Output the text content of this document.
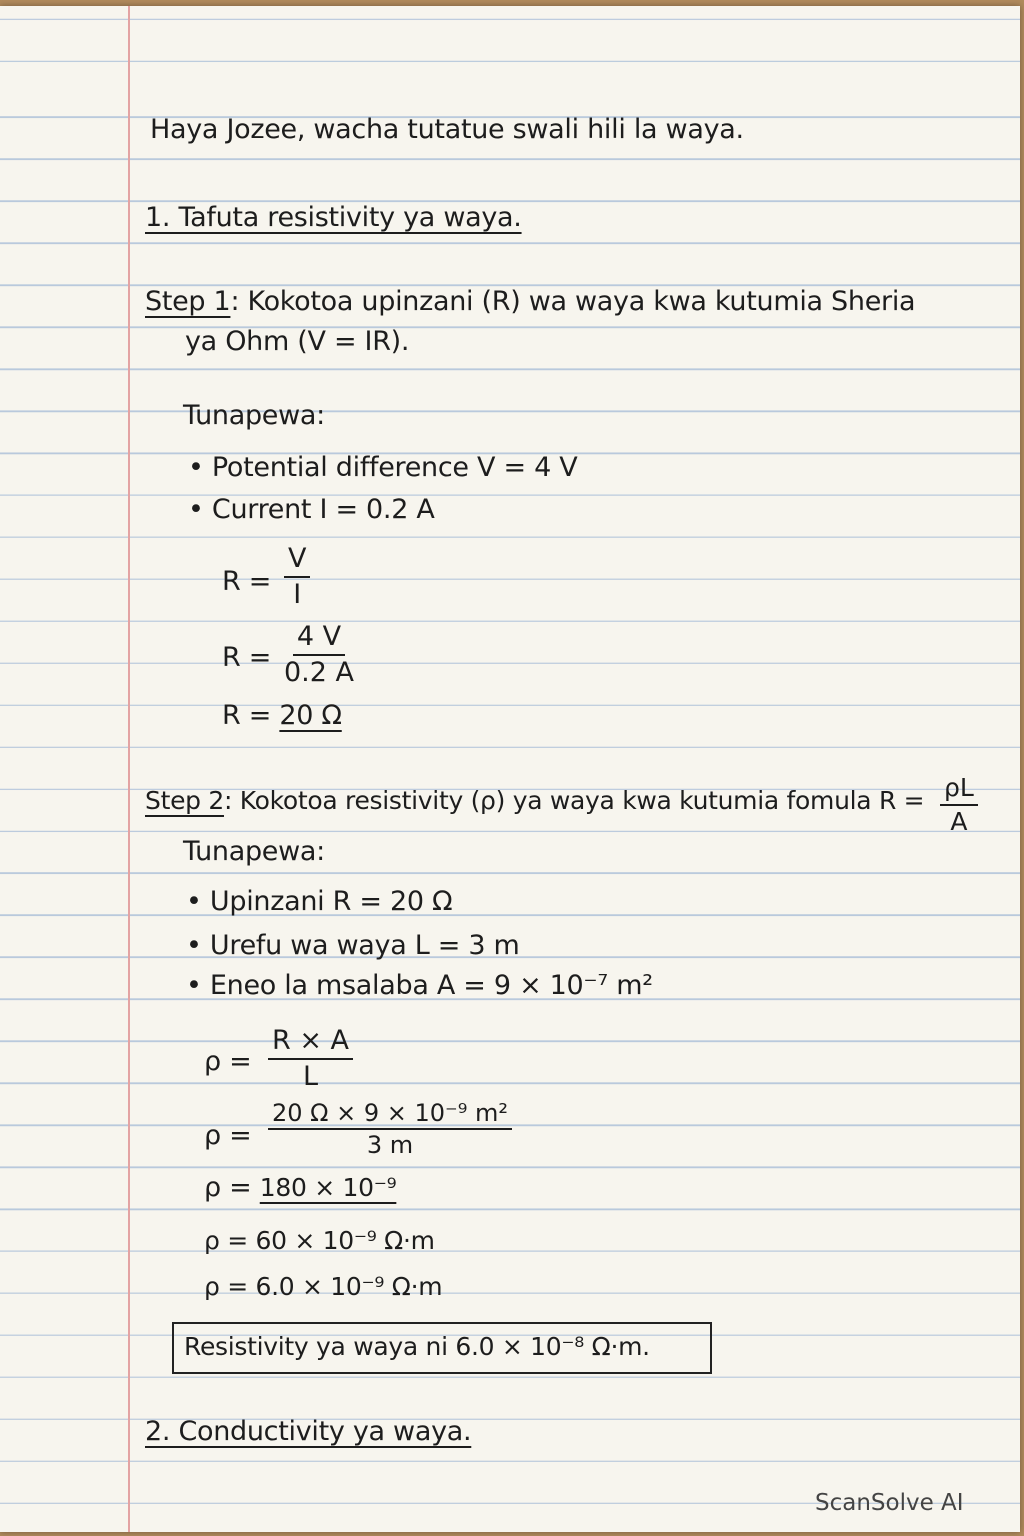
Haya Jozee, wacha tutatue swali hili la waya.
1. Tafuta resistivity ya waya.
Step 1: Kokotoa upinzani (R) wa waya kwa kutumia Sheria
ya Ohm (V = IR).
Tunapewa:
• Potential difference V = 4 V
• Current I = 0.2 A
$R = \frac{V}{I}$
$R = \frac{4 V}{0.2 A}$
R = 20 Ω
Step 2: Kokotoa resistivity (ρ) ya waya kwa kutumia fomula $R = \frac{\rho L}{A}$
Tunapewa:
• Upinzani R = 20 Ω
• Urefu wa waya L = 3 m
• Eneo la msalaba A = 9 × 10⁻⁷ m²
$\rho = \frac{R \times A}{L}$
$\rho = \frac{\text{20 Ω × 9 × 10⁻⁹ m²}}{3 m}$
ρ = 180 × 10⁻⁹
ρ = 60 × 10⁻⁹ Ω·m
ρ = 6.0 × 10⁻⁹ Ω·m
Resistivity ya waya ni 6.0 × 10⁻⁸ Ω·m.
2. Conductivity ya waya.
ScanSolve AI
